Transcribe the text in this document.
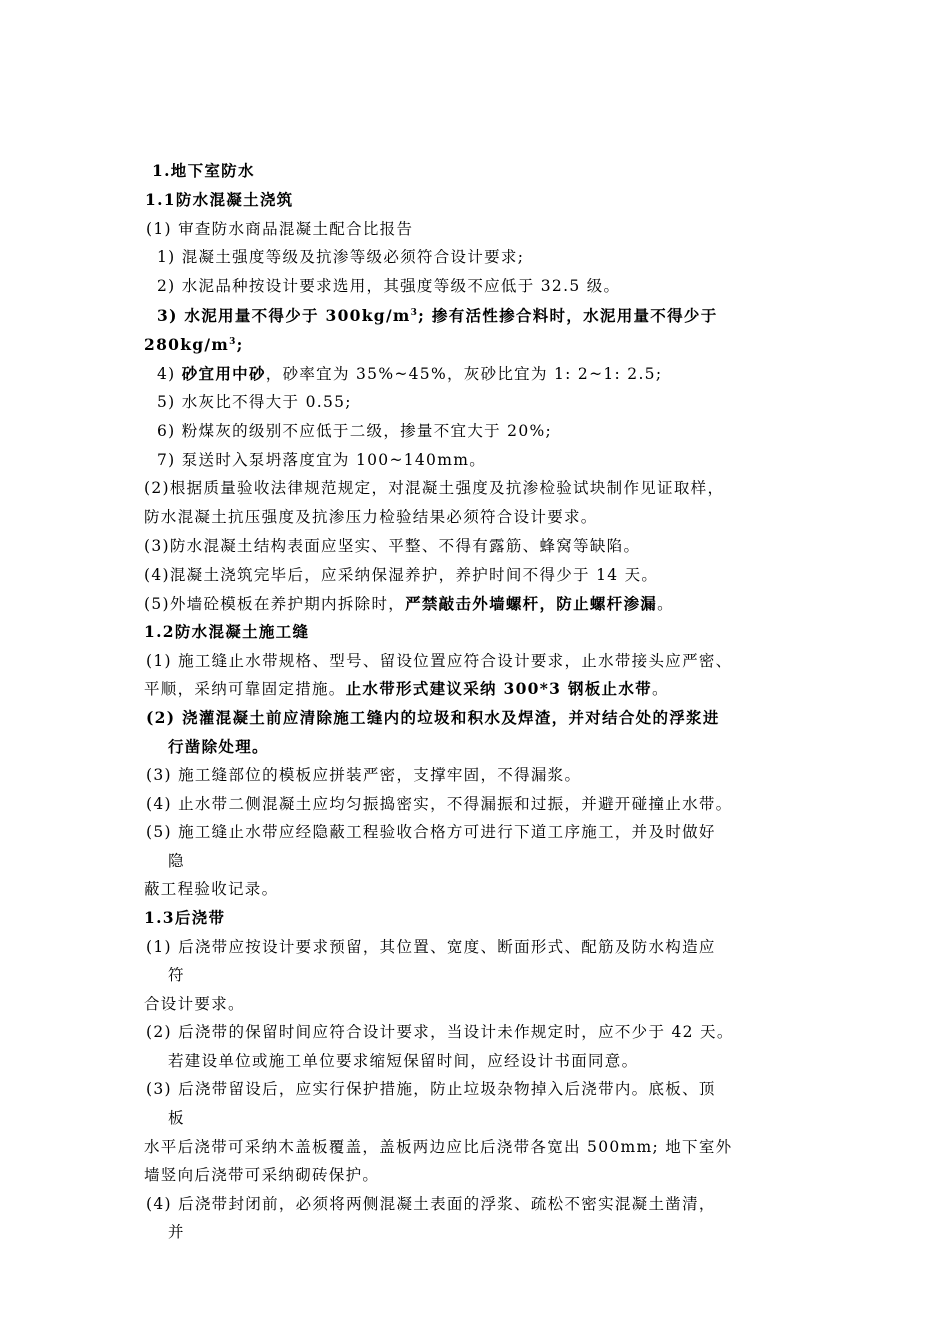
1.地下室防水
1.1防水混凝土浇筑
(1) 审查防水商品混凝土配合比报告
1) 混凝土强度等级及抗渗等级必须符合设计要求;
2) 水泥品种按设计要求选用，其强度等级不应低于 32.5 级。
3) 水泥用量不得少于 $300kg/m^3$; 掺有活性掺合料时，水泥用量不得少于
$280kg/m^3$;
4) 砂宜用中砂，砂率宜为 35%~45%，灰砂比宜为 1: 2~1: 2.5;
5) 水灰比不得大于 0.55;
6) 粉煤灰的级别不应低于二级，掺量不宜大于 20%;
7) 泵送时入泵坍落度宜为 100~140mm。
(2)根据质量验收法律规范规定，对混凝土强度及抗渗检验试块制作见证取样，
防水混凝土抗压强度及抗渗压力检验结果必须符合设计要求。
(3)防水混凝土结构表面应坚实、平整、不得有露筋、蜂窝等缺陷。
(4)混凝土浇筑完毕后，应采纳保湿养护，养护时间不得少于 14 天。
(5)外墙砼模板在养护期内拆除时，严禁敲击外墙螺杆，防止螺杆渗漏。
1.2防水混凝土施工缝
(1) 施工缝止水带规格、型号、留设位置应符合设计要求，止水带接头应严密、
平顺，采纳可靠固定措施。止水带形式建议采纳 300*3 钢板止水带。
(2) 浇灌混凝土前应清除施工缝内的垃圾和积水及焊渣，并对结合处的浮浆进
行凿除处理。
(3) 施工缝部位的模板应拼装严密，支撑牢固，不得漏浆。
(4) 止水带二侧混凝土应均匀振捣密实，不得漏振和过振，并避开碰撞止水带。
(5) 施工缝止水带应经隐蔽工程验收合格方可进行下道工序施工，并及时做好
隐
蔽工程验收记录。
1.3后浇带
(1) 后浇带应按设计要求预留，其位置、宽度、断面形式、配筋及防水构造应
符
合设计要求。
(2) 后浇带的保留时间应符合设计要求，当设计未作规定时，应不少于 42 天。
若建设单位或施工单位要求缩短保留时间，应经设计书面同意。
(3) 后浇带留设后，应实行保护措施，防止垃圾杂物掉入后浇带内。底板、顶
板
水平后浇带可采纳木盖板覆盖，盖板两边应比后浇带各宽出 500mm; 地下室外
墙竖向后浇带可采纳砌砖保护。
(4) 后浇带封闭前，必须将两侧混凝土表面的浮浆、疏松不密实混凝土凿清，
并
